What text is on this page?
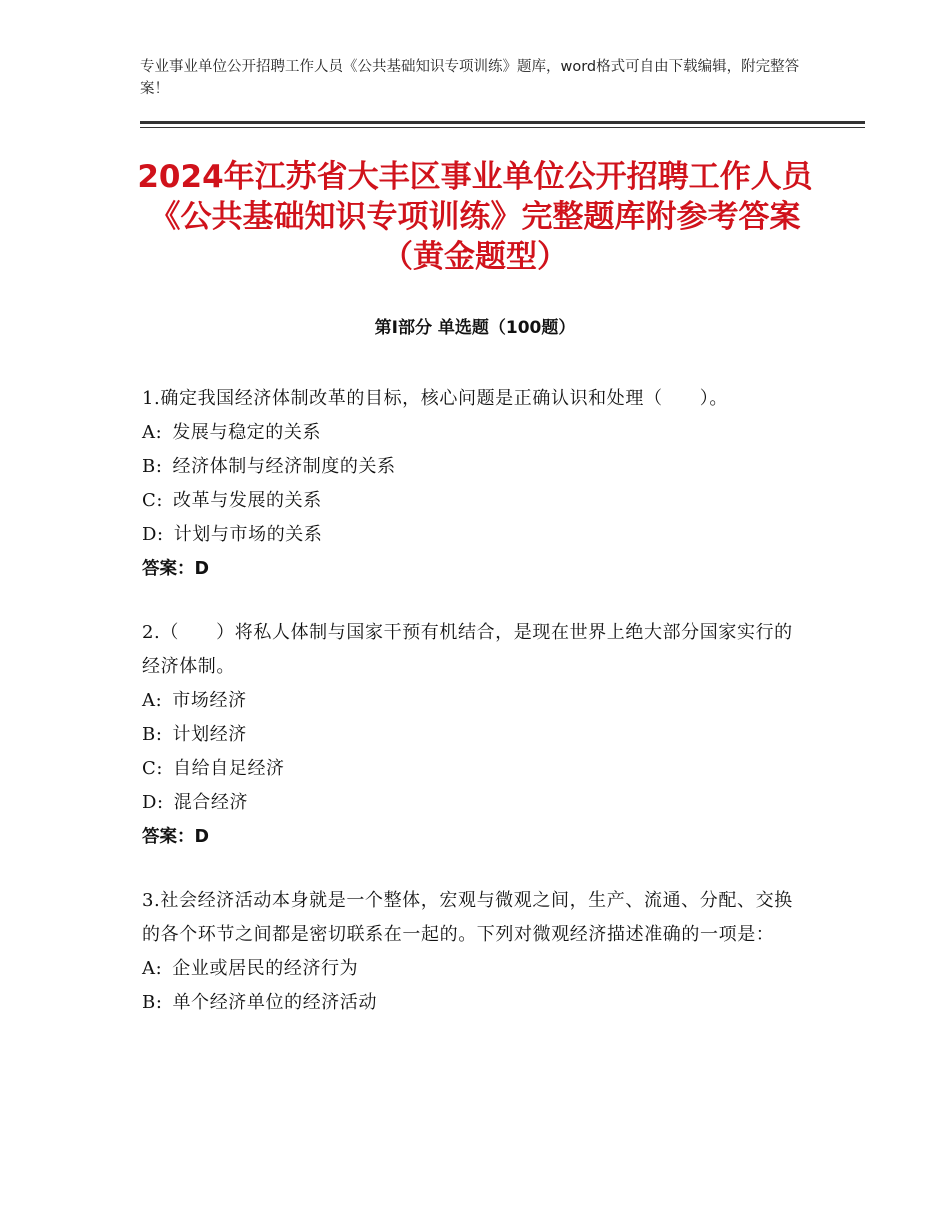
专业事业单位公开招聘工作人员《公共基础知识专项训练》题库，word格式可自由下载编辑，附完整答案！
2024年江苏省大丰区事业单位公开招聘工作人员《公共基础知识专项训练》完整题库附参考答案（黄金题型）
第Ⅰ部分 单选题（100题）

1.确定我国经济体制改革的目标，核心问题是正确认识和处理（　　）。

A: 发展与稳定的关系

B: 经济体制与经济制度的关系

C: 改革与发展的关系

D: 计划与市场的关系

答案：D

2.（　　）将私人体制与国家干预有机结合，是现在世界上绝大部分国家实行的经济体制。

A: 市场经济

B: 计划经济

C: 自给自足经济

D: 混合经济

答案：D

3.社会经济活动本身就是一个整体，宏观与微观之间，生产、流通、分配、交换的各个环节之间都是密切联系在一起的。下列对微观经济描述准确的一项是：

A: 企业或居民的经济行为

B: 单个经济单位的经济活动
